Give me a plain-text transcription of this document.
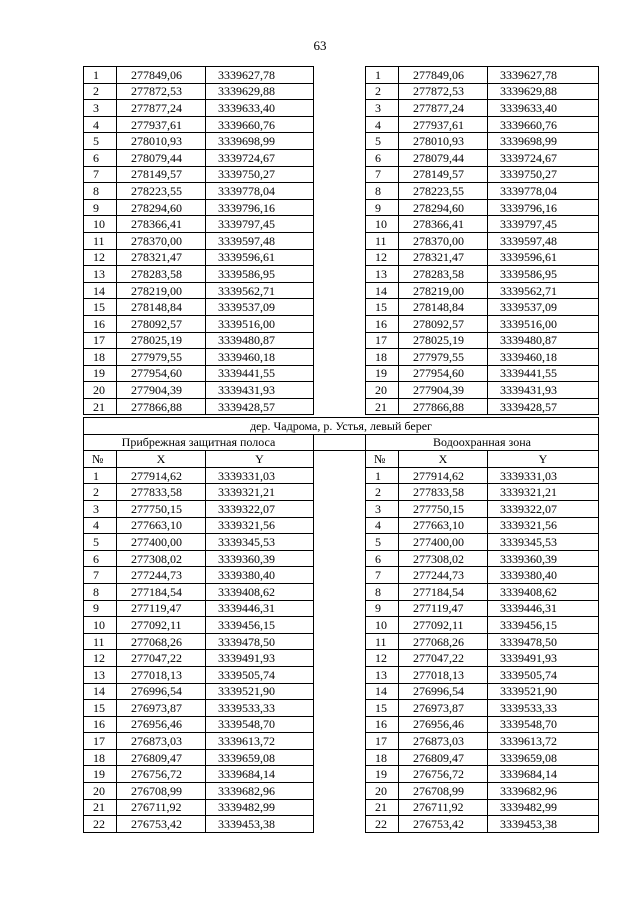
63
1	277849,06	3339627,78		1	277849,06	3339627,78
2	277872,53	3339629,88		2	277872,53	3339629,88
3	277877,24	3339633,40		3	277877,24	3339633,40
4	277937,61	3339660,76		4	277937,61	3339660,76
5	278010,93	3339698,99		5	278010,93	3339698,99
6	278079,44	3339724,67		6	278079,44	3339724,67
7	278149,57	3339750,27		7	278149,57	3339750,27
8	278223,55	3339778,04		8	278223,55	3339778,04
9	278294,60	3339796,16		9	278294,60	3339796,16
10	278366,41	3339797,45		10	278366,41	3339797,45
11	278370,00	3339597,48		11	278370,00	3339597,48
12	278321,47	3339596,61		12	278321,47	3339596,61
13	278283,58	3339586,95		13	278283,58	3339586,95
14	278219,00	3339562,71		14	278219,00	3339562,71
15	278148,84	3339537,09		15	278148,84	3339537,09
16	278092,57	3339516,00		16	278092,57	3339516,00
17	278025,19	3339480,87		17	278025,19	3339480,87
18	277979,55	3339460,18		18	277979,55	3339460,18
19	277954,60	3339441,55		19	277954,60	3339441,55
20	277904,39	3339431,93		20	277904,39	3339431,93
21	277866,88	3339428,57		21	277866,88	3339428,57
дер. Чадрома, р. Устья, левый берег						
Прибрежная защитная полоса				Водоохранная зона		
№	X	Y		№	X	Y
1	277914,62	3339331,03		1	277914,62	3339331,03
2	277833,58	3339321,21		2	277833,58	3339321,21
3	277750,15	3339322,07		3	277750,15	3339322,07
4	277663,10	3339321,56		4	277663,10	3339321,56
5	277400,00	3339345,53		5	277400,00	3339345,53
6	277308,02	3339360,39		6	277308,02	3339360,39
7	277244,73	3339380,40		7	277244,73	3339380,40
8	277184,54	3339408,62		8	277184,54	3339408,62
9	277119,47	3339446,31		9	277119,47	3339446,31
10	277092,11	3339456,15		10	277092,11	3339456,15
11	277068,26	3339478,50		11	277068,26	3339478,50
12	277047,22	3339491,93		12	277047,22	3339491,93
13	277018,13	3339505,74		13	277018,13	3339505,74
14	276996,54	3339521,90		14	276996,54	3339521,90
15	276973,87	3339533,33		15	276973,87	3339533,33
16	276956,46	3339548,70		16	276956,46	3339548,70
17	276873,03	3339613,72		17	276873,03	3339613,72
18	276809,47	3339659,08		18	276809,47	3339659,08
19	276756,72	3339684,14		19	276756,72	3339684,14
20	276708,99	3339682,96		20	276708,99	3339682,96
21	276711,92	3339482,99		21	276711,92	3339482,99
22	276753,42	3339453,38		22	276753,42	3339453,38
